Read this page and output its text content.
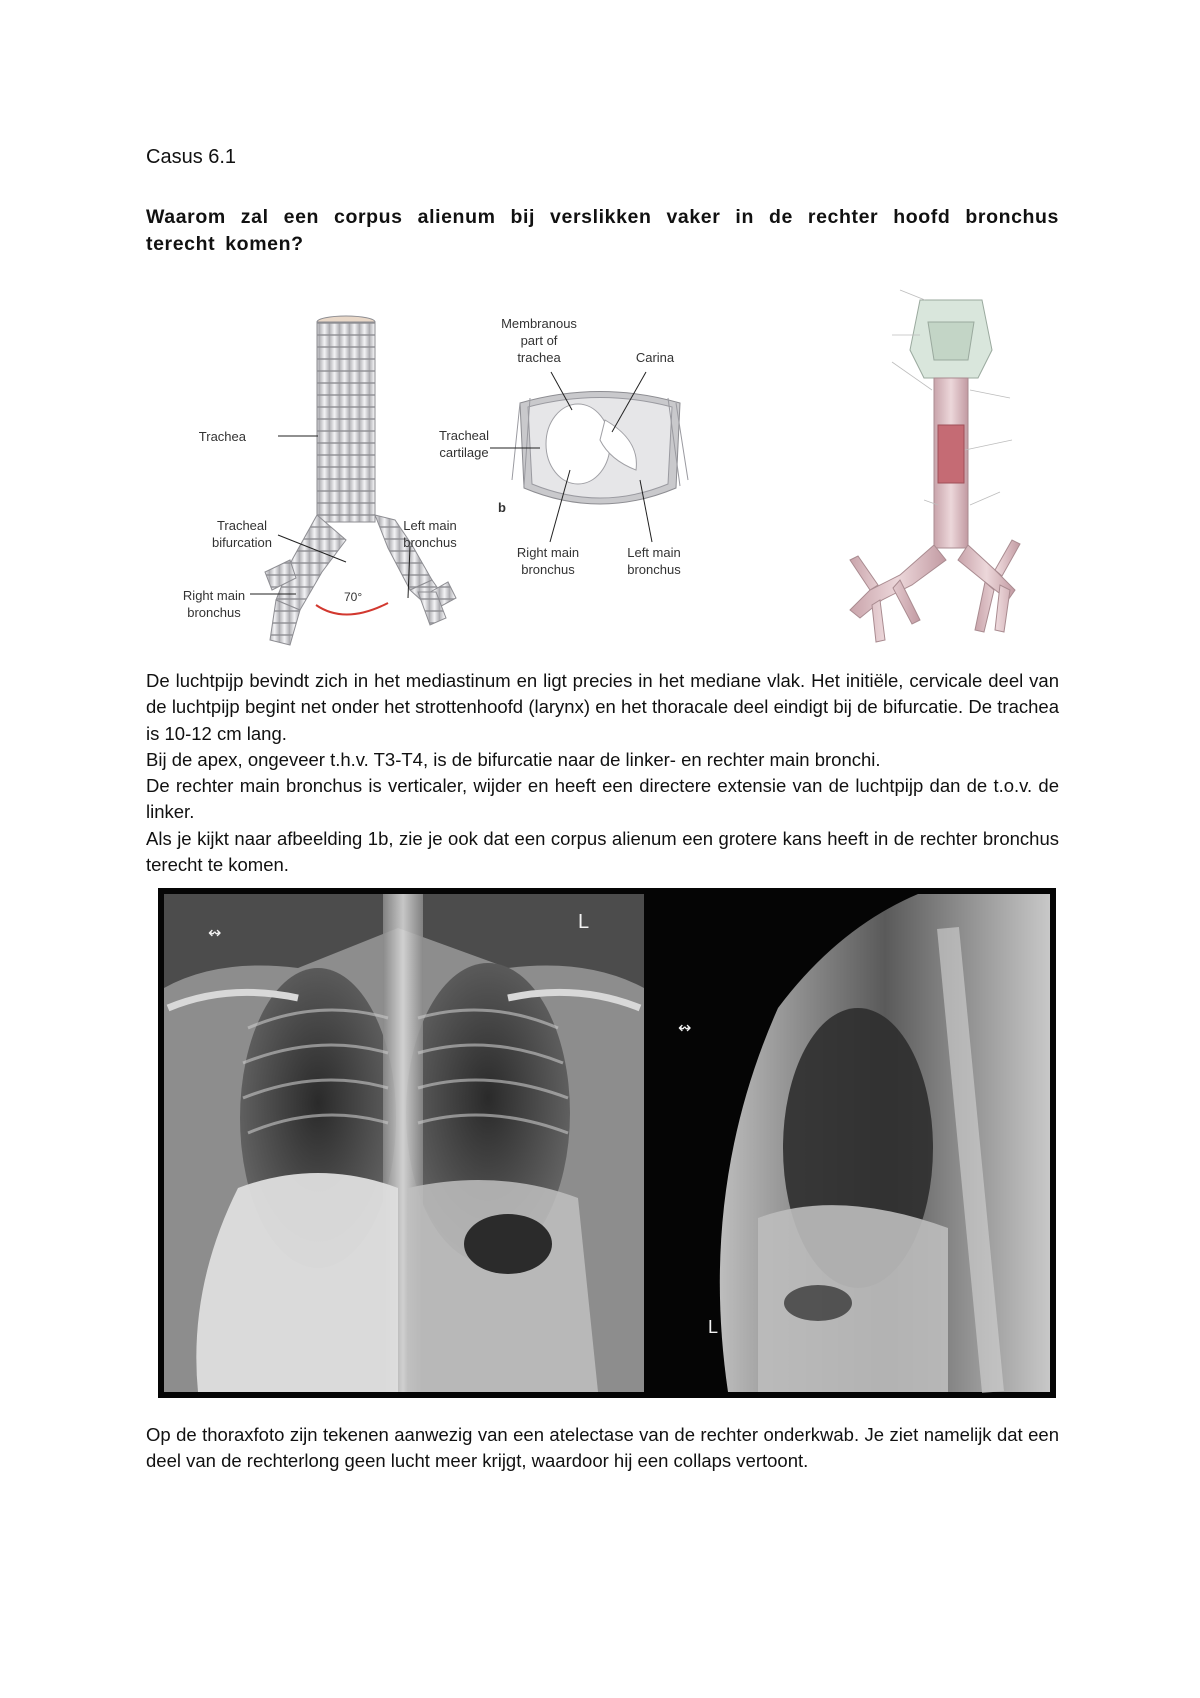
Casus 6.1
Waarom zal een corpus alienum bij verslikken vaker in de rechter hoofd bronchus terecht komen?
Trachea
Tracheal
bifurcation
Right main
bronchus
Left main
bronchus
70°
Membranous
part of
trachea	Carina
Tracheal
cartilage
b
Right main
bronchus
Left main
bronchus

De luchtpijp bevindt zich in het mediastinum en ligt precies in het mediane vlak. Het initiële, cervicale deel van de luchtpijp begint net onder het strottenhoofd (larynx) en het thoracale deel eindigt bij de bifurcatie. De trachea is 10-12 cm lang.

Bij de apex, ongeveer t.h.v. T3-T4, is de bifurcatie naar de linker- en rechter main bronchi.

De rechter main bronchus is verticaler, wijder en heeft een directere extensie van de luchtpijp dan de t.o.v. de linker.

Als je kijkt naar afbeelding 1b, zie je ook dat een corpus alienum een grotere kans heeft in de rechter bronchus terecht te komen.

L
↭
↭
L

Op de thoraxfoto zijn tekenen aanwezig van een atelectase van de rechter onderkwab. Je ziet namelijk dat een deel van de rechterlong geen lucht meer krijgt, waardoor hij een collaps vertoont.
